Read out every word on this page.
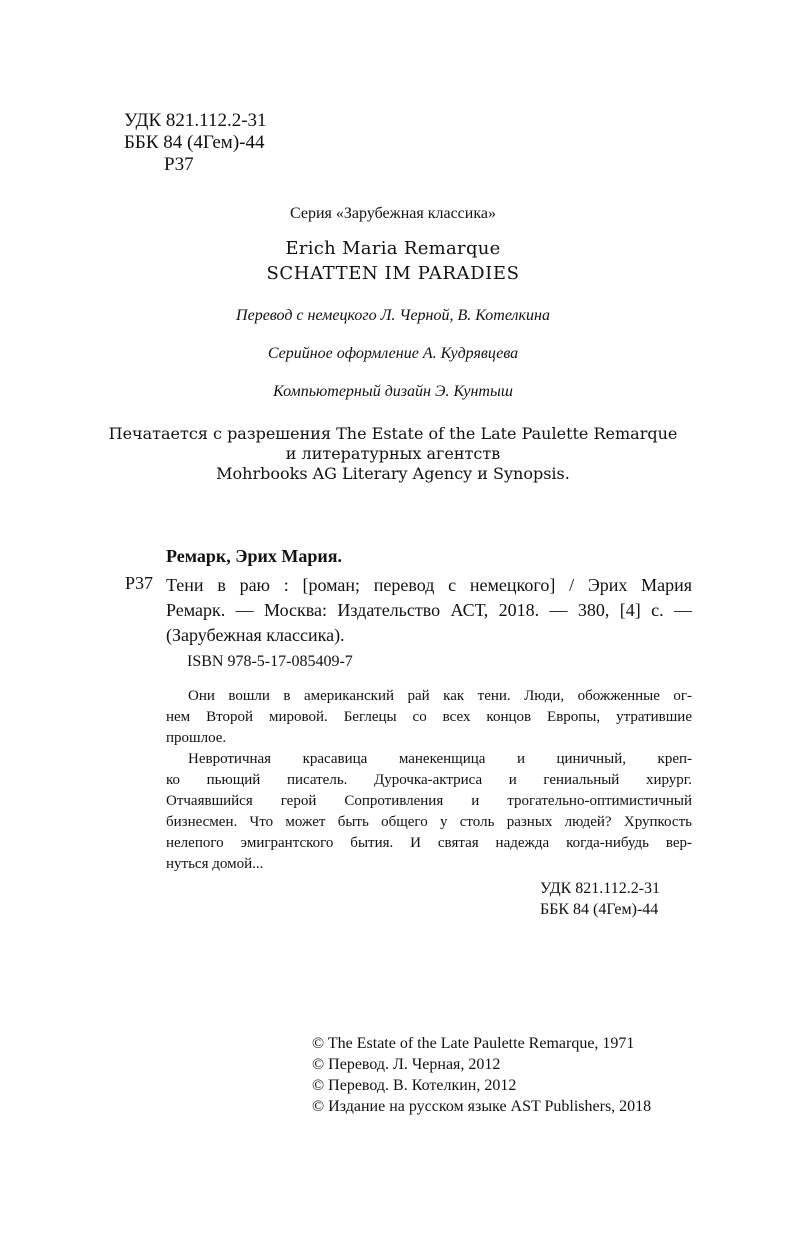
УДК 821.112.2-31
ББК 84 (4Гем)-44
Р37
Серия «Зарубежная классика»
Erich Maria Remarque
SCHATTEN IM PARADIES
Перевод с немецкого Л. Черной, В. Котелкина
Серийное оформление А. Кудрявцева
Компьютерный дизайн Э. Кунтыш
Печатается с разрешения The Estate of the Late Paulette Remarque
и литературных агентств
Mohrbooks AG Literary Agency и Synopsis.
Ремарк, Эрих Мария.
Р37 Тени в раю : [роман; перевод с немецкого] / Эрих Мария
Ремарк. — Москва: Издательство АСТ, 2018. — 380, [4] с. —
(Зарубежная классика).
ISBN 978-5-17-085409-7
Они вошли в американский рай как тени. Люди, обожженные ог-
нем Второй мировой. Беглецы со всех концов Европы, утратившие
прошлое.
Невротичная красавица манекенщица и циничный, креп-
ко пьющий писатель. Дурочка-актриса и гениальный хирург.
Отчаявшийся герой Сопротивления и трогательно-оптимистичный
бизнесмен. Что может быть общего у столь разных людей? Хрупкость
нелепого эмигрантского бытия. И святая надежда когда-нибудь вер-
нуться домой...
УДК 821.112.2-31
ББК 84 (4Гем)-44
© The Estate of the Late Paulette Remarque, 1971
© Перевод. Л. Черная, 2012
© Перевод. В. Котелкин, 2012
© Издание на русском языке AST Publishers, 2018
